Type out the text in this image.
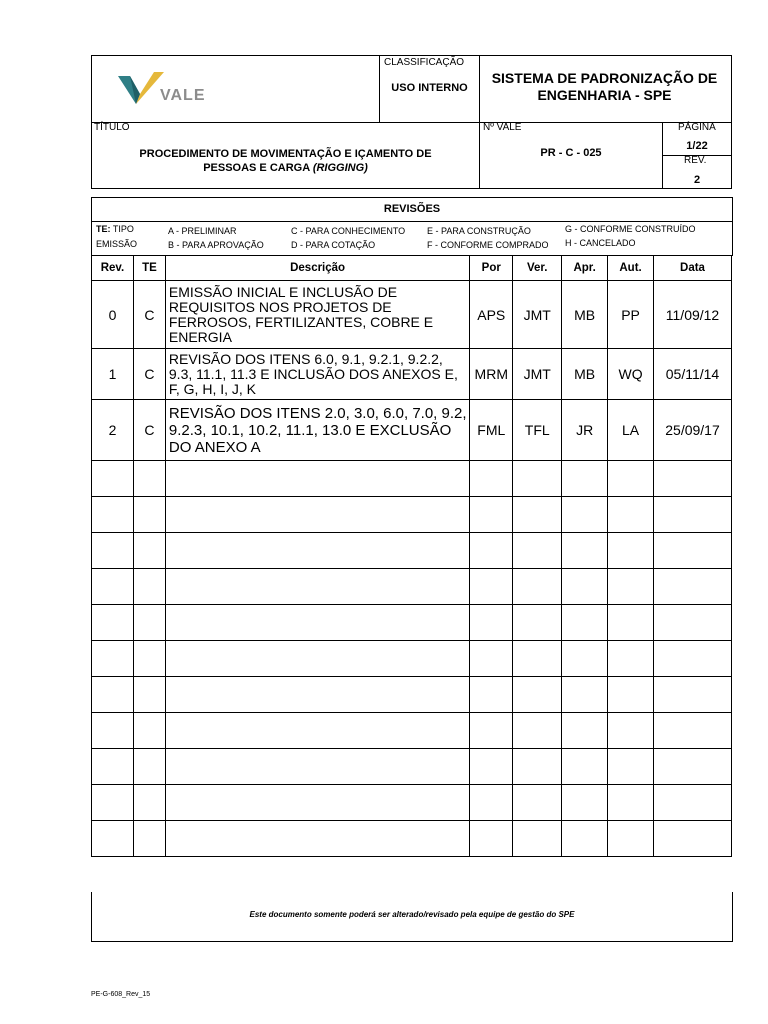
VALE
CLASSIFICAÇÃO
USO INTERNO
SISTEMA DE PADRONIZAÇÃO DE ENGENHARIA - SPE
TÍTULO
PROCEDIMENTO DE MOVIMENTAÇÃO E IÇAMENTO DE
PESSOAS E CARGA (RIGGING)
Nº VALE
PR - C - 025
PÁGINA
1/22
REV.
2
REVISÕES
TE: TIPO
EMISSÃO
A - PRELIMINAR
B - PARA APROVAÇÃO
C - PARA CONHECIMENTO
D - PARA COTAÇÃO
E - PARA CONSTRUÇÃO
F - CONFORME COMPRADO
G - CONFORME CONSTRUÍDO
H - CANCELADO
Rev.	TE	Descrição	Por	Ver.	Apr.	Aut.	Data
0	C	EMISSÃO INICIAL E INCLUSÃO DE REQUISITOS NOS PROJETOS DE FERROSOS, FERTILIZANTES, COBRE E ENERGIA	APS	JMT	MB	PP	11/09/12
1	C	REVISÃO DOS ITENS 6.0, 9.1, 9.2.1, 9.2.2, 9.3, 11.1, 11.3 E INCLUSÃO DOS ANEXOS E, F, G, H, I, J, K	MRM	JMT	MB	WQ	05/11/14
2	C	REVISÃO DOS ITENS 2.0, 3.0, 6.0, 7.0, 9.2, 9.2.3, 10.1, 10.2, 11.1, 13.0 E EXCLUSÃO DO ANEXO A	FML	TFL	JR	LA	25/09/17

Este documento somente poderá ser alterado/revisado pela equipe de gestão do SPE
PE-G-608_Rev_15
